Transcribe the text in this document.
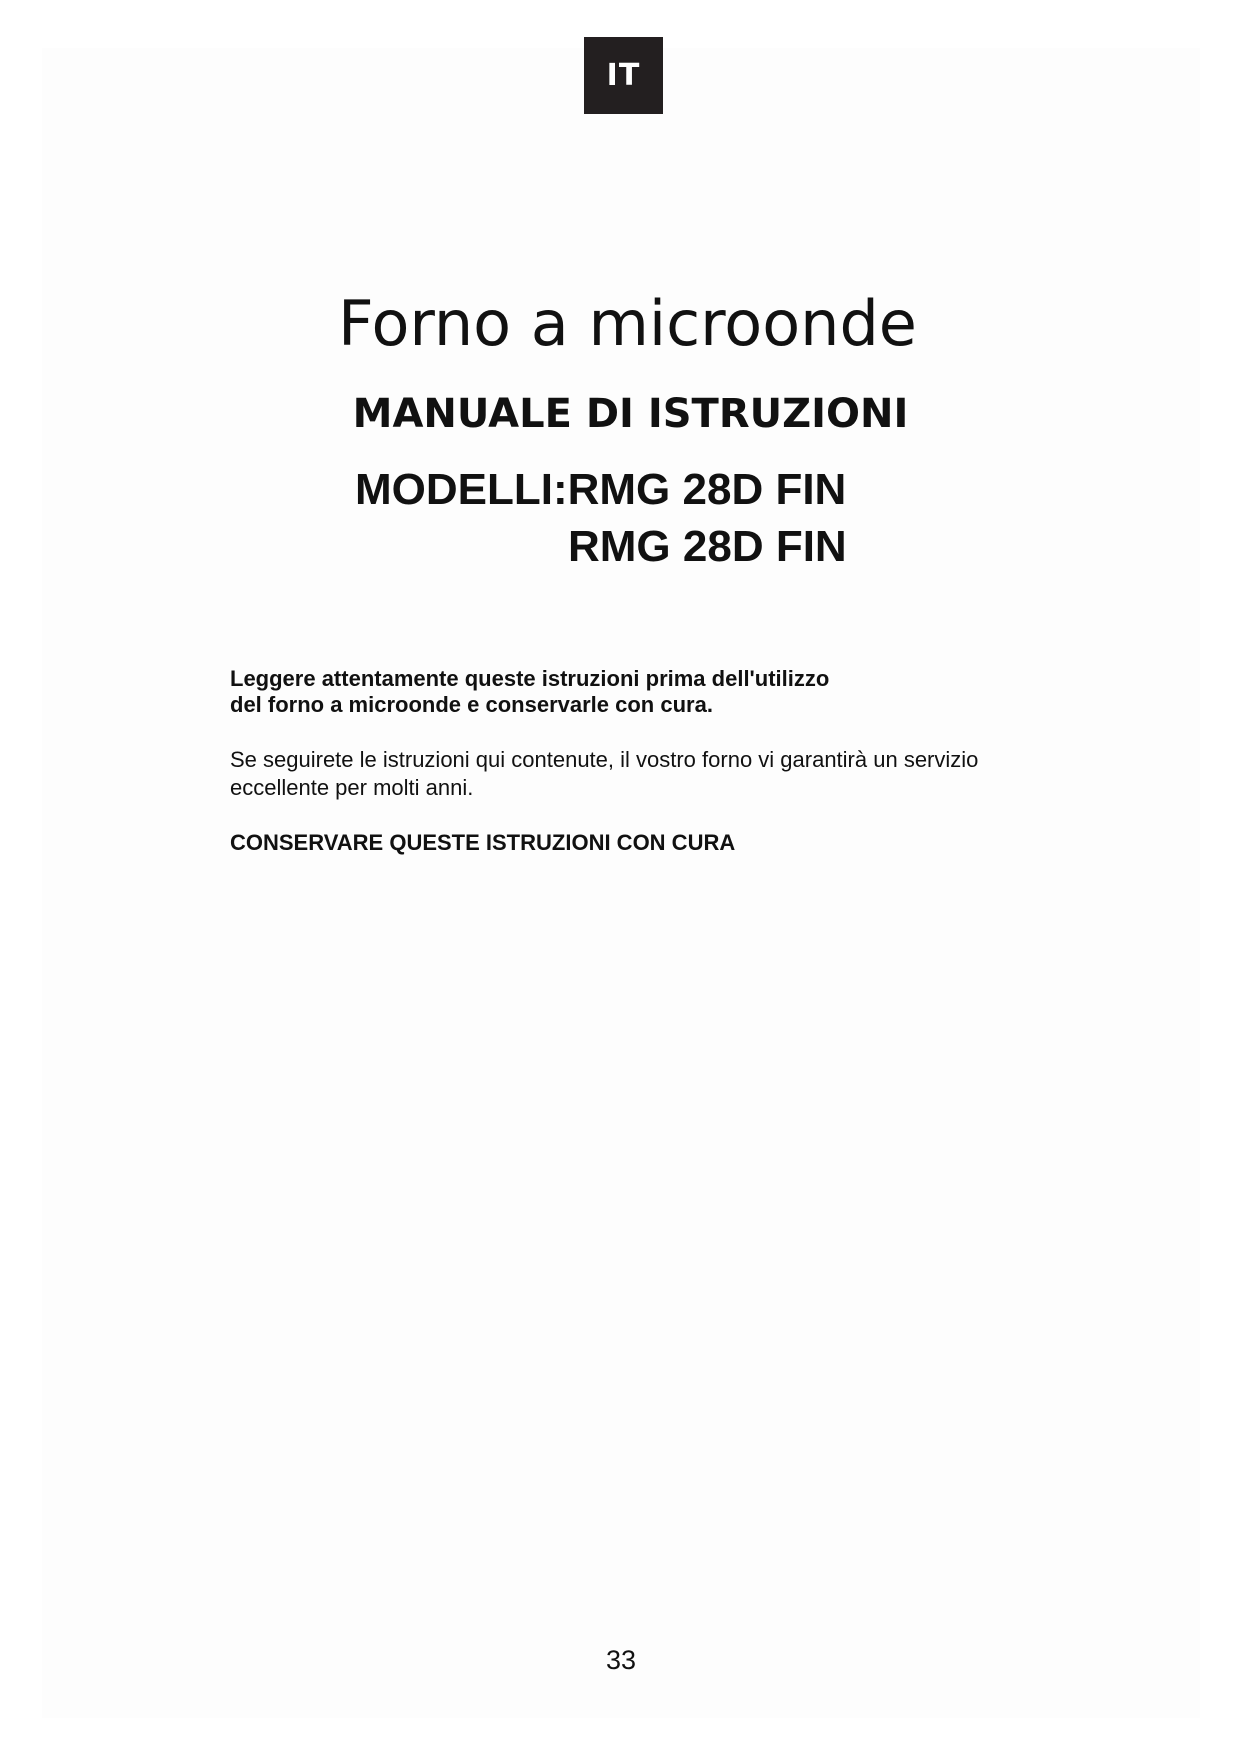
IT
Forno a microonde
MANUALE DI ISTRUZIONI
MODELLI:RMG 28D FIN
RMG 28D FIN
Leggere attentamente queste istruzioni prima dell'utilizzo
del forno a microonde e conservarle con cura.
Se seguirete le istruzioni qui contenute, il vostro forno vi garantirà un servizio
eccellente per molti anni.
CONSERVARE QUESTE ISTRUZIONI CON CURA
33
